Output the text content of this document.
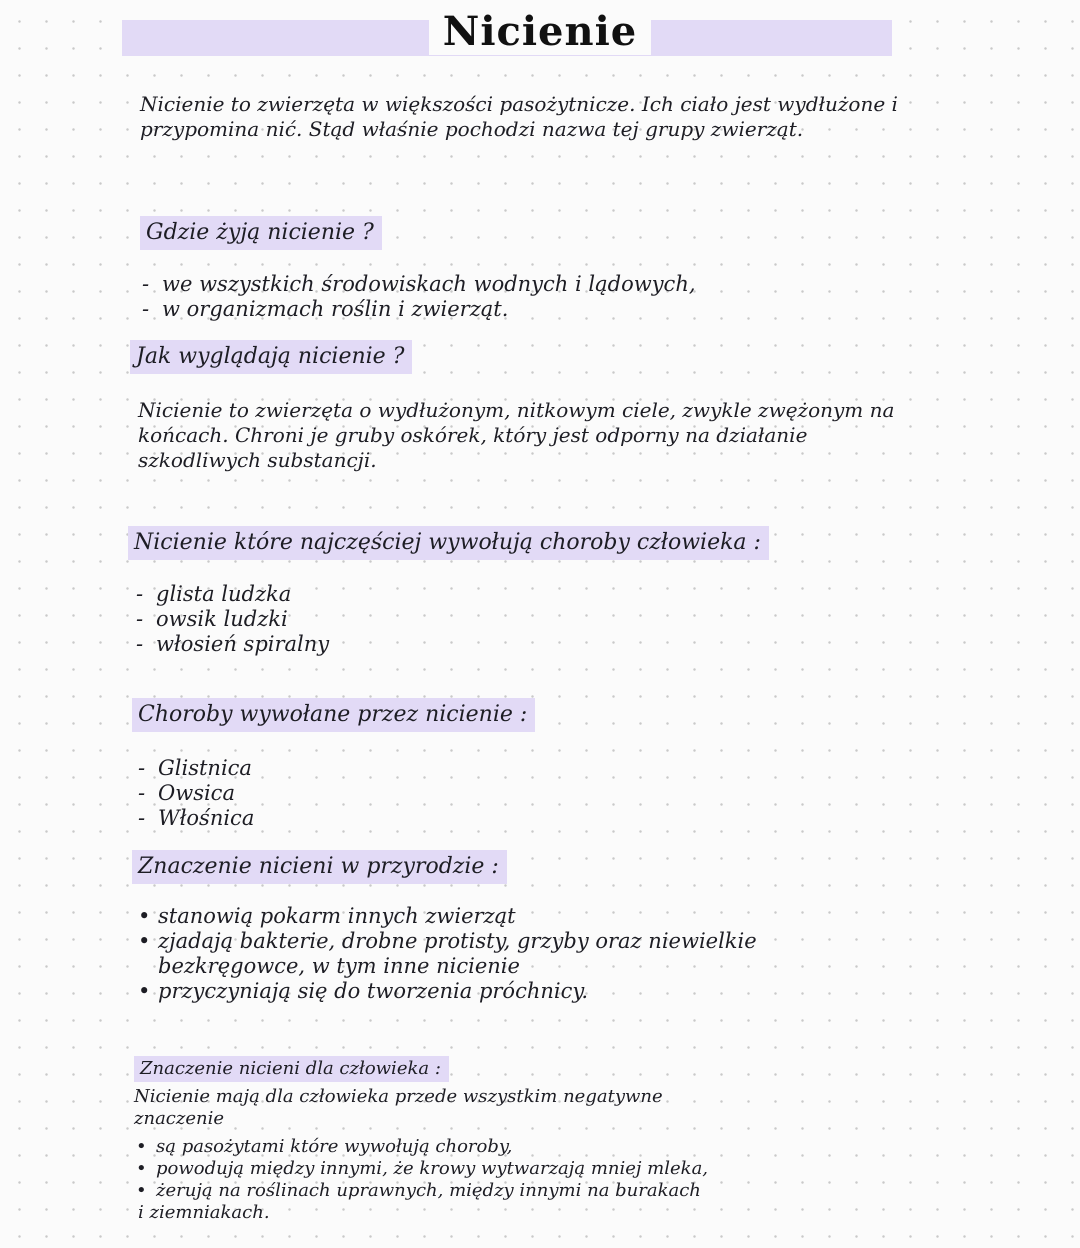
Nicienie
Nicienie to zwierzęta w większości pasożytnicze. Ich ciało jest wydłużone i przypomina nić. Stąd właśnie pochodzi nazwa tej grupy zwierząt.
Gdzie żyją nicienie ?
- we wszystkich środowiskach wodnych i lądowych,
- w organizmach roślin i zwierząt.
Jak wyglądają nicienie ?
Nicienie to zwierzęta o wydłużonym, nitkowym ciele, zwykle zwężonym na końcach. Chroni je gruby oskórek, który jest odporny na działanie szkodliwych substancji.
Nicienie które najczęściej wywołują choroby człowieka :
- glista ludzka
- owsik ludzki
- włosień spiralny
Choroby wywołane przez nicienie :
- Glistnica
- Owsica
- Włośnica
Znaczenie nicieni w przyrodzie :
• stanowią pokarm innych zwierząt
• zjadają bakterie, drobne protisty, grzyby oraz niewielkie
bezkręgowce, w tym inne nicienie
• przyczyniają się do tworzenia próchnicy.
Znaczenie nicieni dla człowieka :
Nicienie mają dla człowieka przede wszystkim negatywne
znaczenie
• są pasożytami które wywołują choroby,
• powodują między innymi, że krowy wytwarzają mniej mleka,
• żerują na roślinach uprawnych, między innymi na burakach
i ziemniakach.
